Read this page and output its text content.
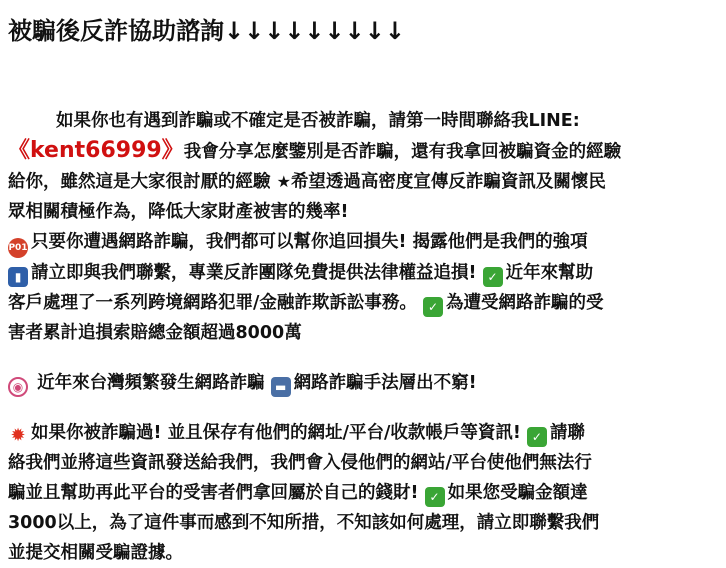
被騙後反詐協助諮詢↓↓↓↓↓↓↓↓↓
如果你也有遇到詐騙或不確定是否被詐騙，請第一時間聯絡我LINE:
《kent66999》我會分享怎麼鑒別是否詐騙，還有我拿回被騙資金的經驗
給你，雖然這是大家很討厭的經驗 ★希望透過高密度宣傳反詐騙資訊及關懷民
眾相關積極作為，降低大家財產被害的幾率!
P01 只要你遭遇網路詐騙，我們都可以幫你追回損失! 揭露他們是我們的強項
▮ 請立即與我們聯繫，專業反詐團隊免費提供法律權益追損! ✓ 近年來幫助
客戶處理了一系列跨境網路犯罪/金融詐欺訴訟事務。 ✓ 為遭受網路詐騙的受
害者累計追損索賠總金額超過8000萬
◉ 近年來台灣頻繁發生網路詐騙 ▬ 網路詐騙手法層出不窮!
✹ 如果你被詐騙過! 並且保存有他們的網址/平台/收款帳戶等資訊! ✓ 請聯
絡我們並將這些資訊發送給我們，我們會入侵他們的網站/平台使他們無法行
騙並且幫助再此平台的受害者們拿回屬於自己的錢財! ✓ 如果您受騙金額達
3000以上，為了這件事而感到不知所措，不知該如何處理，請立即聯繫我們
並提交相關受騙證據。
